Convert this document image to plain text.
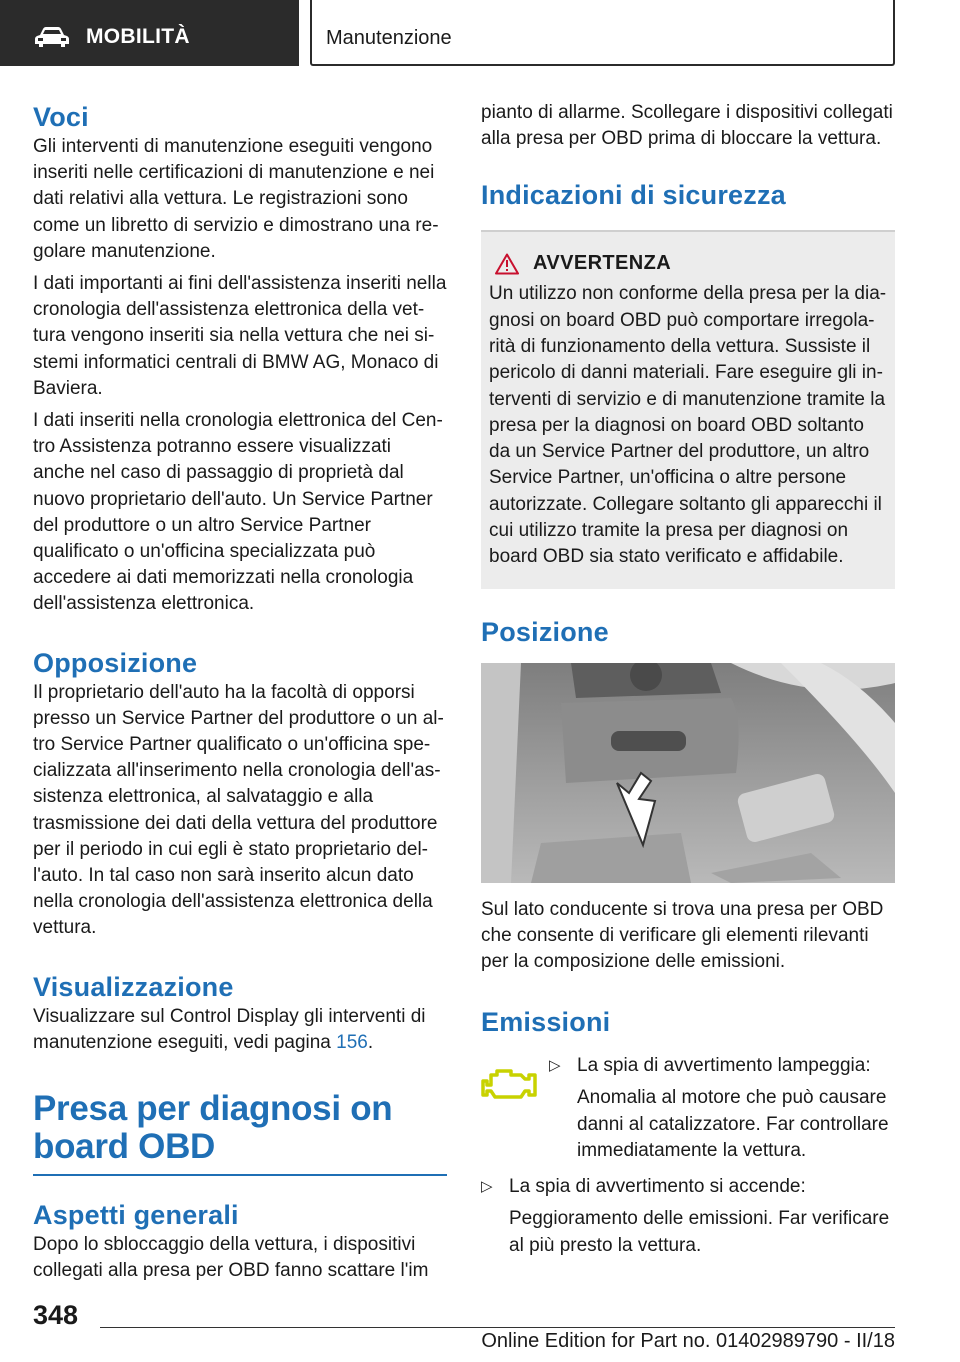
MOBILITÀ	Manutenzione
Voci

Gli interventi di manutenzione eseguiti vengono inseriti nelle certificazioni di manutenzione e nei dati relativi alla vettura. Le registrazioni sono come un libretto di servizio e dimostrano una regolare manutenzione.

I dati importanti ai fini dell'assistenza inseriti nella cronologia dell'assistenza elettronica della vettura vengono inseriti sia nella vettura che nei sistemi informatici centrali di BMW AG, Monaco di Baviera.

I dati inseriti nella cronologia elettronica del Centro Assistenza potranno essere visualizzati anche nel caso di passaggio di proprietà dal nuovo proprietario dell'auto. Un Service Partner del produttore o un altro Service Partner qualificato o un'officina specializzata può accedere ai dati memorizzati nella cronologia dell'assistenza elettronica.

Opposizione

Il proprietario dell'auto ha la facoltà di opporsi presso un Service Partner del produttore o un altro Service Partner qualificato o un'officina specializzata all'inserimento nella cronologia dell'assistenza elettronica, al salvataggio e alla trasmissione dei dati della vettura del produttore per il periodo in cui egli è stato proprietario dell'auto. In tal caso non sarà inserito alcun dato nella cronologia dell'assistenza elettronica della vettura.

Visualizzazione

Visualizzare sul Control Display gli interventi di manutenzione eseguiti, vedi pagina 156.

Presa per diagnosi on board OBD
Aspetti generali

Dopo lo sbloccaggio della vettura, i dispositivi collegati alla presa per OBD fanno scattare l'im

pianto di allarme. Scollegare i dispositivi collegati alla presa per OBD prima di bloccare la vettura.

Indicazioni di sicurezza
AVVERTENZA

Un utilizzo non conforme della presa per la diagnosi on board OBD può comportare irregolarità di funzionamento della vettura. Sussiste il pericolo di danni materiali. Fare eseguire gli interventi di servizio e di manutenzione tramite la presa per la diagnosi on board OBD soltanto da un Service Partner del produttore, un altro Service Partner, un'officina o altre persone autorizzate. Collegare soltanto gli apparecchi il cui utilizzo tramite la presa per diagnosi on board OBD sia stato verificato e affidabile.

Posizione

Sul lato conducente si trova una presa per OBD che consente di verificare gli elementi rilevanti per la composizione delle emissioni.

Emissioni
▷ La spia di avvertimento lampeggia:

Anomalia al motore che può causare danni al catalizzatore. Far controllare immediatamente la vettura.

▷ La spia di avvertimento si accende:

Peggioramento delle emissioni. Far verificare al più presto la vettura.

348
Online Edition for Part no. 01402989790 - II/18
